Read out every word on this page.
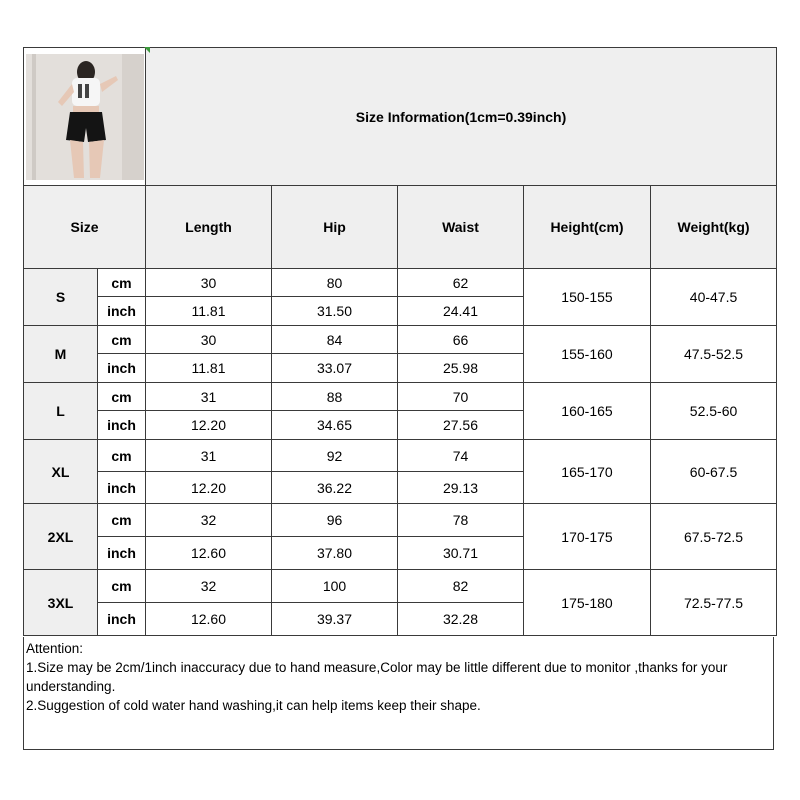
	Size Information(1cm=0.39inch)				
Size		Length	Hip	Waist	Height(cm)	Weight(kg)
S	cm	30	80	62	150-155	40-47.5
	inch	11.81	31.50	24.41		
M	cm	30	84	66	155-160	47.5-52.5
	inch	11.81	33.07	25.98		
L	cm	31	88	70	160-165	52.5-60
	inch	12.20	34.65	27.56		
XL	cm	31	92	74	165-170	60-67.5
	inch	12.20	36.22	29.13		
2XL	cm	32	96	78	170-175	67.5-72.5
	inch	12.60	37.80	30.71		
3XL	cm	32	100	82	175-180	72.5-77.5
	inch	12.60	39.37	32.28		
Attention:
1.Size may be 2cm/1inch inaccuracy due to hand measure,Color may be little different due to monitor ,thanks for your understanding.
2.Suggestion of cold water hand washing,it can help items keep their shape.
